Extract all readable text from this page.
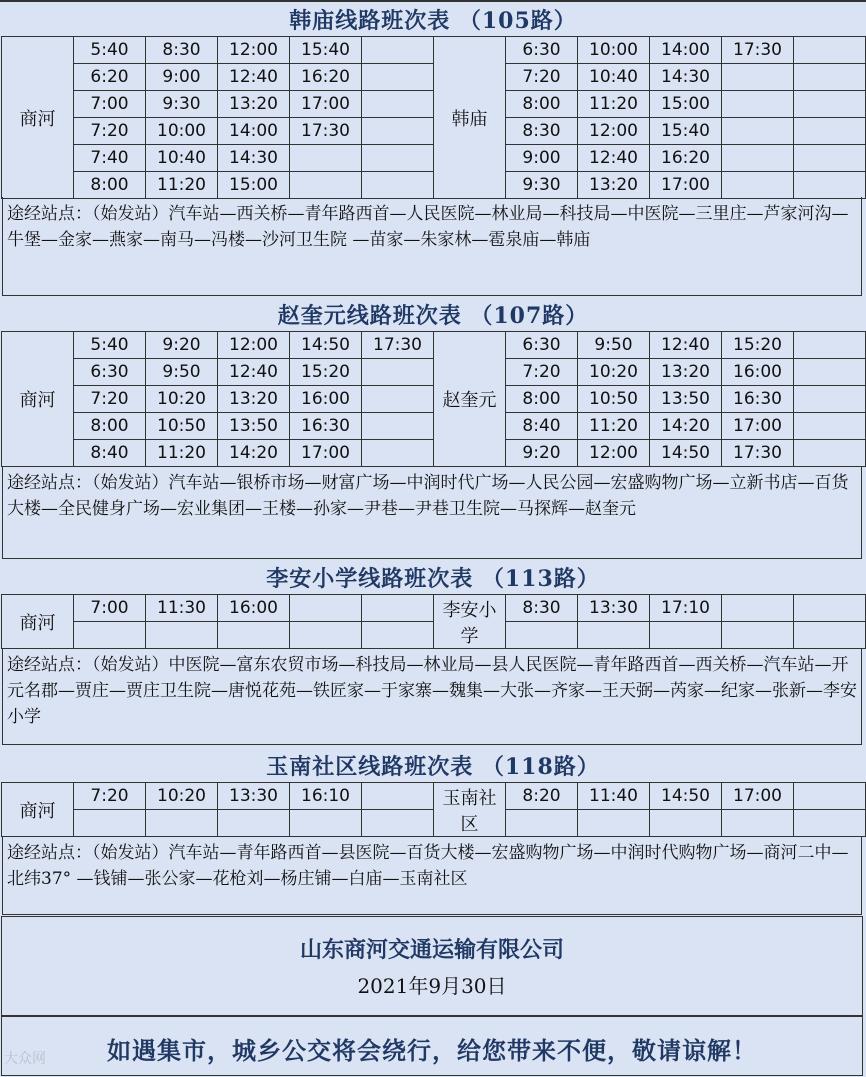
韩庙线路班次表 （105路）
商河	5:40	8:30	12:00	15:40		韩庙	6:30	10:00	14:00	17:30	
	6:20	9:00	12:40	16:20			7:20	10:40	14:30		
	7:00	9:30	13:20	17:00			8:00	11:20	15:00		
	7:20	10:00	14:00	17:30			8:30	12:00	15:40		
	7:40	10:40	14:30				9:00	12:40	16:20		
	8:00	11:20	15:00				9:30	13:20	17:00		
途经站点：（始发站）汽车站—西关桥—青年路西首—人民医院—林业局—科技局—中医院—三里庄—芦家河沟—牛堡—金家—燕家—南马—冯楼—沙河卫生院 —苗家—朱家林—雹泉庙—韩庙
赵奎元线路班次表 （107路）
商河	5:40	9:20	12:00	14:50	17:30	赵奎元	6:30	9:50	12:40	15:20	
	6:30	9:50	12:40	15:20			7:20	10:20	13:20	16:00	
	7:20	10:20	13:20	16:00			8:00	10:50	13:50	16:30	
	8:00	10:50	13:50	16:30			8:40	11:20	14:20	17:00	
	8:40	11:20	14:20	17:00			9:20	12:00	14:50	17:30	
途经站点：（始发站）汽车站—银桥市场—财富广场—中润时代广场—人民公园—宏盛购物广场—立新书店—百货大楼—全民健身广场—宏业集团—王楼—孙家—尹巷—尹巷卫生院—马探辉—赵奎元
李安小学线路班次表 （113路）
商河	7:00	11:30	16:00			李安小学	8:30	13:30	17:10		

途经站点：（始发站）中医院—富东农贸市场—科技局—林业局—县人民医院—青年路西首—西关桥—汽车站—开元名郡—贾庄—贾庄卫生院—唐悦花苑—铁匠家—于家寨—魏集—大张—齐家—王天弼—芮家—纪家—张新—李安小学
玉南社区线路班次表 （118路）
商河	7:20	10:20	13:30	16:10		玉南社区	8:20	11:40	14:50	17:00	

途经站点：（始发站）汽车站—青年路西首—县医院—百货大楼—宏盛购物广场—中润时代购物广场—商河二中—北纬37° —钱铺—张公家—花枪刘—杨庄铺—白庙—玉南社区
山东商河交通运输有限公司
2021年9月30日
如遇集市，城乡公交将会绕行，给您带来不便，敬请谅解！
大众网
